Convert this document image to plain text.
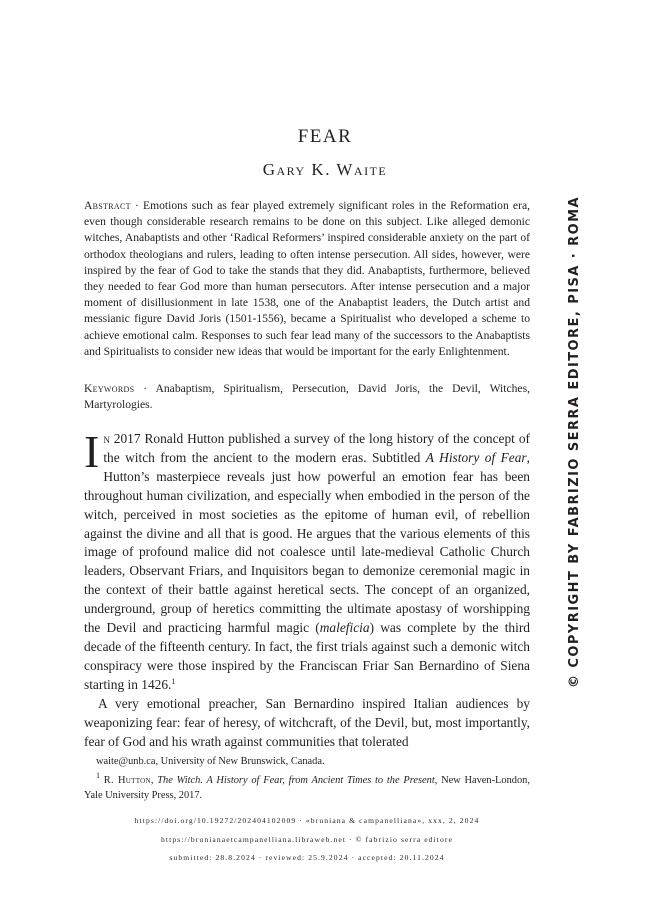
FEAR
Gary K. Waite

Abstract · Emotions such as fear played extremely significant roles in the Reformation era, even though considerable research remains to be done on this subject. Like alleged demonic witches, Anabaptists and other ‘Radical Reformers’ inspired considerable anxiety on the part of orthodox theologians and rulers, leading to often intense persecution. All sides, however, were inspired by the fear of God to take the stands that they did. Anabaptists, furthermore, believed they needed to fear God more than human persecutors. After intense persecution and a major moment of disillusionment in late 1538, one of the Anabaptist leaders, the Dutch artist and messianic figure David Joris (1501-1556), became a Spiritualist who developed a scheme to achieve emotional calm. Responses to such fear lead many of the successors to the Anabaptists and Spiritualists to consider new ideas that would be important for the early Enlightenment.

Keywords · Anabaptism, Spiritualism, Persecution, David Joris, the Devil, Witches, Martyrologies.

In 2017 Ronald Hutton published a survey of the long history of the concept of the witch from the ancient to the modern eras. Subtitled A History of Fear, Hutton’s masterpiece reveals just how powerful an emotion fear has been throughout human civilization, and especially when embodied in the person of the witch, perceived in most societies as the epitome of human evil, of rebellion against the divine and all that is good. He argues that the various elements of this image of profound malice did not coalesce until late-medieval Catholic Church leaders, Observant Friars, and Inquisitors began to demonize ceremonial magic in the context of their battle against heretical sects. The concept of an organized, underground, group of heretics committing the ultimate apostasy of worshipping the Devil and practicing harmful magic (maleficia) was complete by the third decade of the fifteenth century. In fact, the first trials against such a demonic witch conspiracy were those inspired by the Franciscan Friar San Bernardino of Siena starting in 1426.$^1$

A very emotional preacher, San Bernardino inspired Italian audiences by weaponizing fear: fear of heresy, of witchcraft, of the Devil, but, most importantly, fear of God and his wrath against communities that tolerated

waite@unb.ca, University of New Brunswick, Canada.

$^1$ R. Hutton, The Witch. A History of Fear, from Ancient Times to the Present, New Haven-London, Yale University Press, 2017.

https://doi.org/10.19272/202404102009 · «bruniana & campanelliana», xxx, 2, 2024
https://brunianaetcampanelliana.libraweb.net · © fabrizio serra editore
submitted: 28.8.2024 · reviewed: 25.9.2024 · accepted: 20.11.2024
© COPYRIGHT BY FABRIZIO SERRA EDITORE, PISA · ROMA
